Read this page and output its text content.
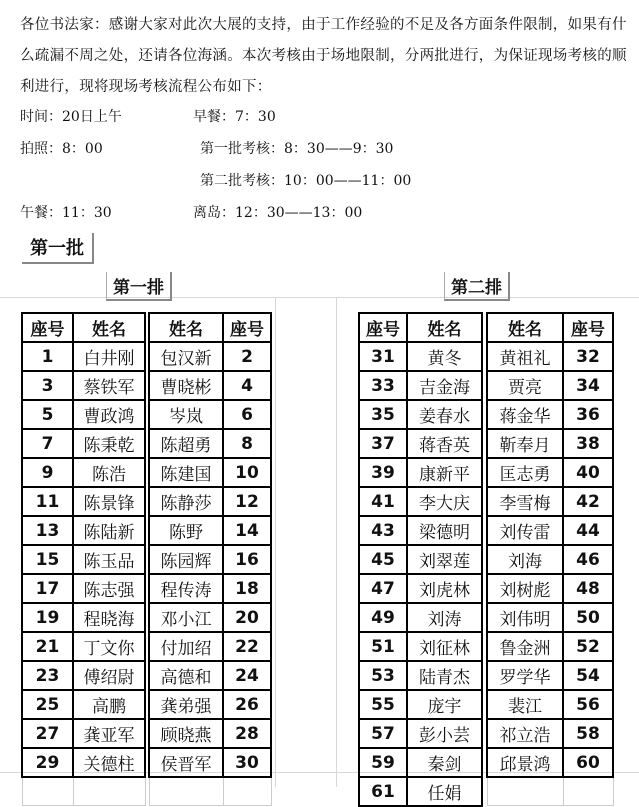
各位书法家：感谢大家对此次大展的支持，由于工作经验的不足及各方面条件限制，如果有什么疏漏不周之处，还请各位海涵。本次考核由于场地限制，分两批进行，为保证现场考核的顺利进行，现将现场考核流程公布如下：

时间：20日上午	早餐：7：30
拍照：8：00	第一批考核：8：30——9：30
第二批考核：10：00——11：00
午餐：11：30	离岛：12：30——13：00
第一批
第一排	第二排
座号	姓名
1	白井刚
3	蔡铁军
5	曹政鸿
7	陈秉乾
9	陈浩
11	陈景锋
13	陈陆新
15	陈玉品
17	陈志强
19	程晓海
21	丁文你
23	傅绍尉
25	高鹏
27	龚亚军
29	关德柱

姓名	座号
包汉新	2
曹晓彬	4
岑岚	6
陈超勇	8
陈建国	10
陈静莎	12
陈野	14
陈园辉	16
程传涛	18
邓小江	20
付加绍	22
高德和	24
龚弟强	26
顾晓燕	28
侯晋军	30

座号	姓名
31	黄冬
33	吉金海
35	姜春水
37	蒋香英
39	康新平
41	李大庆
43	梁德明
45	刘翠莲
47	刘虎林
49	刘涛
51	刘征林
53	陆青杰
55	庞宇
57	彭小芸
59	秦剑
61	任娟
姓名	座号
黄祖礼	32
贾亮	34
蒋金华	36
靳奉月	38
匡志勇	40
李雪梅	42
刘传雷	44
刘海	46
刘树彪	48
刘伟明	50
鲁金洲	52
罗学华	54
裴江	56
祁立浩	58
邱景鸿	60
